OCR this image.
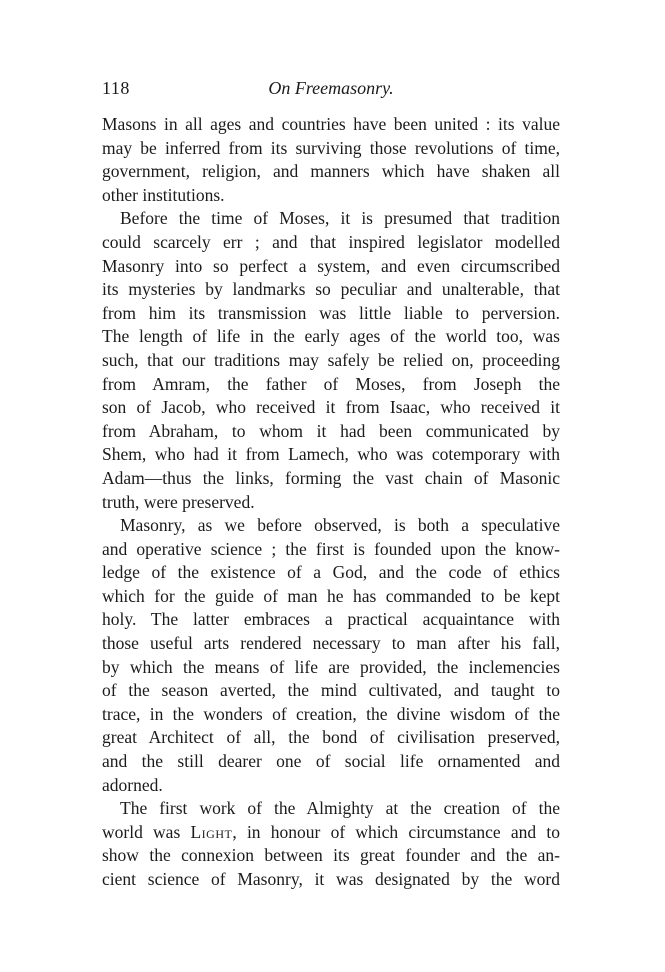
118	On Freemasonry.
Masons in all ages and countries have been united : its value
may be inferred from its surviving those revolutions of time,
government, religion, and manners which have shaken all
other institutions.
Before the time of Moses, it is presumed that tradition
could scarcely err ; and that inspired legislator modelled
Masonry into so perfect a system, and even circumscribed
its mysteries by landmarks so peculiar and unalterable, that
from him its transmission was little liable to perversion.
The length of life in the early ages of the world too, was
such, that our traditions may safely be relied on, proceeding
from Amram, the father of Moses, from Joseph the
son of Jacob, who received it from Isaac, who received it
from Abraham, to whom it had been communicated by
Shem, who had it from Lamech, who was cotemporary with
Adam—thus the links, forming the vast chain of Masonic
truth, were preserved.
Masonry, as we before observed, is both a speculative
and operative science ; the first is founded upon the know-
ledge of the existence of a God, and the code of ethics
which for the guide of man he has commanded to be kept
holy. The latter embraces a practical acquaintance with
those useful arts rendered necessary to man after his fall,
by which the means of life are provided, the inclemencies
of the season averted, the mind cultivated, and taught to
trace, in the wonders of creation, the divine wisdom of the
great Architect of all, the bond of civilisation preserved,
and the still dearer one of social life ornamented and
adorned.
The first work of the Almighty at the creation of the
world was Light, in honour of which circumstance and to
show the connexion between its great founder and the an-
cient science of Masonry, it was designated by the word
